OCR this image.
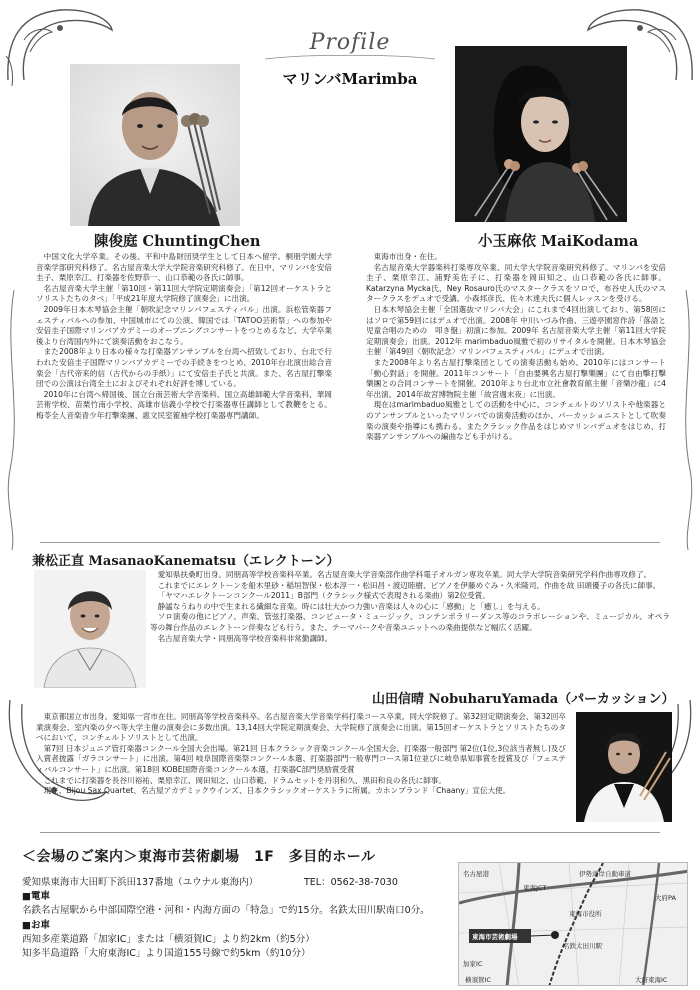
Profile
マリンバMarimba
陳俊庭 ChuntingChen

中国文化大学卒業。その後、平和中島財団奨学生として日本へ留学。桐朋学園大学音楽学部研究科修了。名古屋音楽大学大学院音楽研究科修了。在日中、マリンバを安倍圭子、栗原幸江、打楽器を佐野恭一、山口恭範の各氏に師事。

名古屋音楽大学主催「第10回・第11回大学院定期演奏会」「第12回オーケストラとソリストたちのタベ」「平成21年度大学院修了演奏会」に出演。

2009年日本木琴協会主催「朝吹記念マリンバフェスティバル」出演。浜松管楽器フェスティバルへの参加、中国城市にての公演、韓国では「TATOO芸術祭」への参加や安倍圭子国際マリンバアカデミーのオープニングコンサートをつとめるなど、大学卒業後より台湾国内外にて演奏活動をおこなう。

また2008年より日本の様々な打楽器アンサンブルを台湾へ招致しており、台北で行われた安倍圭子国際マリンバアカデミーでの手続きをつとめ、2010年台北演出総合音楽会「古代帝来的信（古代からの手紙）」にて安倍圭子氏と共演。また、名古屋打撃楽団での公演は台湾全土におよびそれぞれ好評を博している。

2010年に台湾へ帰国後、国立台南芸術大学音楽科、国立高雄師範大学音楽科、華岡芸術学校、苗栗竹南小学校、高雄市信義小学校で打楽器専任講師として教鞭をとる。梅苓全人音楽青少年打撃楽團、惠文民室篧袖学校打楽器専門講師。

小玉麻依 MaiKodama

東海市出身・在住。

名古屋音楽大学器楽科打楽専攻卒業、同大学大学院音楽研究科修了。マリンバを安倍圭子、栗原幸江、浦野美佐子に、打楽器を岡田知之、山口恭範の各氏に師事。Katarzyna Mycka氏、Ney Rosauro氏のマスタークラスをソロで、布谷史人氏のマスタークラスをデュオで受講。小森邦彦氏、佐々木達夫氏に個人レッスンを受ける。

日本木琴協会主催「全国選抜マリンバ大会」にこれまで4回出演しており、第58回にはソロで第59回にはデュオで出演。2008年 中川いづみ作曲、三遊亭園窓作詩「落語と児童合唱のための　叩き盤」初演に参加。2009年 名古屋音楽大学主催「第11回大学院定期演奏会」出演。2012年 marimbaduo風雅で初のリサイタルを開催。日本木琴協会主催「第49回〈朝吹記念〉マリンバフェスティバル」にデュオで出演。

また2008年より名古屋打撃楽団としての演奏活動も始め、2010年にはコンサート「動心對話」を開催。2011年コンサート「自由要興名古屋打撃樂團」にて自由擊打擊樂團との合同コンサートを開催。2010年より台北市立社會教育館主催「音樂沙龍」に4年出演。2014年故宮博物院主催「故宮週末夜」に出演。

現在はmarimbaduo風雅としての活動を中心に、コンチェルトのソリストや他楽器とのアンサンブルといったマリンバでの演奏活動のほか、パーカッショニストとして吹奏楽の演奏や指導にも携わる。またクラシック作品をはじめマリンバデュオをはじめ、打楽器アンサンブルへの編曲なども手がける。

兼松正直 MasanaoKanematsu（エレクトーン）

愛知県扶桑町出身。同朋高等学校音楽科卒業。名古屋音楽大学音楽部作曲学科電子オルガン専攻卒業。同大学大学院音楽研究学科作曲専攻修了。

これまでにエレクトーンを船木里砂・稲垣智保・松本淳一・松田昌・渡辺睦樹、ピアノを伊藤めぐみ・久米隆司、作曲を故 田頭優子の各氏に師事。

「ヤマハエレクトーンコンクール2011」B部門（クラシック様式で表現される楽曲）第2位受賞。

静謐なうねりの中で生まれる繊細な音楽。時には壮大かつ力強い音楽は人々の心に「感動」と「癒し」を与える。

ソロ演奏の他にピアノ、声楽、管弦打楽器、コンピュータ・ミュージック、コンテンポラリーダンス等のコラボレーションや、ミュージカル、オペラ等の舞台作品のエレクトーン伴奏なども行う。また、テーマパークや音楽ユニットへの楽曲提供など幅広く活躍。

名古屋音楽大学・同朋高等学校音楽科非常勤講師。

山田信晴 NobuharuYamada（パーカッション）

東京都国立市出身。愛知県一宮市在住。同朋高等学校音楽科卒。名古屋音楽大学音楽学科打楽コース卒業。同大学院修了。第32回定期演奏会、第32回卒業演奏会、室内楽の夕べ等大学主催の演奏会に多数出演。13,14回大学院定期演奏会、大学院修了演奏会に出演。第15回オーケストラとソリストたちのタベにおいて、コンチェルトソリストとして出演。

第7回 日本ジュニア管打楽器コンクール全国大会出場。第21回 日本クラシック音楽コンクール全国大会、打楽器一般部門 第2位(1位,3位該当者無し)及び入賞者披露「ガラコンサート」に出演。第4回 岐阜国際音楽祭コンクール本選、打楽器部門一般専門コース第1位並びに岐阜県知事賞を授賞及び「フェスティバルコンサート」に出演。第18回 KOBE国際音楽コンクール本選、打楽器C部門奨励賞受賞

これまでに打楽器を長谷川裕祐、栗原幸江、岡田知之、山口恭範、ドラムセットを丹羽和久、黒田和良の各氏に師事。

現在、Bijou Sax Quartet、名古屋アカデミックウインズ、日本クラシックオーケストラに所属。カホンブランド「Chaany」宣伝大使。

＜会場のご案内＞東海市芸術劇場　1F　多目的ホール
愛知県東海市大田町下浜田137番地（ユウナル東海内）	TEL：0562-38-7030
■電車
名鉄名古屋駅から中部国際空港・河和・内海方面の「特急」で約15分。名鉄太田川駅南口0分。
■お車
西知多産業道路「加家IC」または「横須賀IC」より約2km（約5分）
知多半島道路「大府東海IC」より国道155号線で約5km（約10分）
東海JCT
伊勢湾岸自動車道
大府PA
東海市役所
東海市芸術劇場
名鉄太田川駅
大府東海IC
加家IC
横須賀IC
名古屋港
